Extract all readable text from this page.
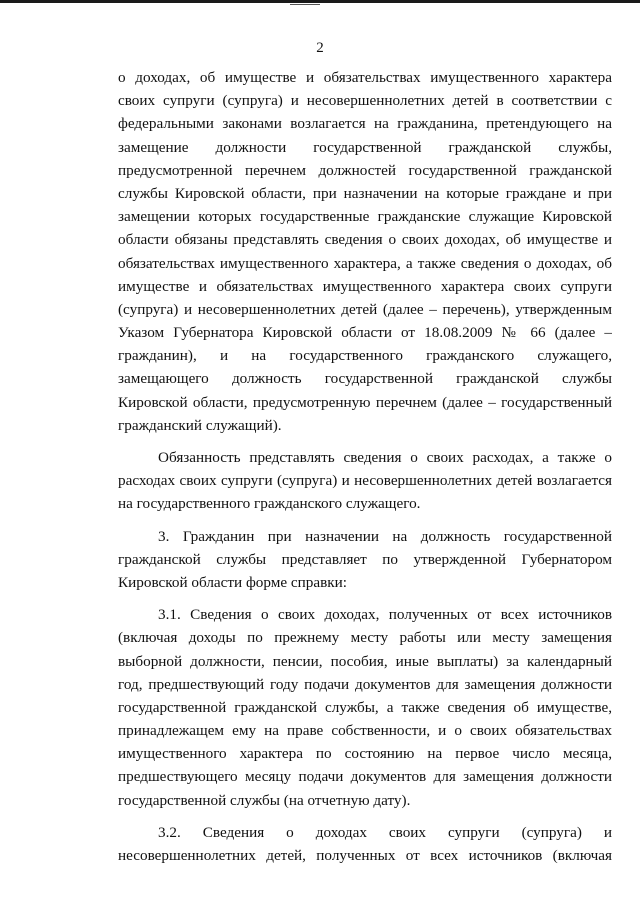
2
о доходах, об имуществе и обязательствах имущественного характера
своих супруги (супруга) и несовершеннолетних детей в соответствии с
федеральными законами возлагается на гражданина, претендующего на
замещение должности государственной гражданской службы,
предусмотренной перечнем должностей государственной гражданской
службы Кировской области, при назначении на которые граждане и при
замещении которых государственные гражданские служащие Кировской
области обязаны представлять сведения о своих доходах, об имуществе и
обязательствах имущественного характера, а также сведения о доходах, об
имуществе и обязательствах имущественного характера своих супруги
(супруга) и несовершеннолетних детей (далее – перечень), утвержденным
Указом Губернатора Кировской области от 18.08.2009 № 66 (далее –
гражданин), и на государственного гражданского служащего,
замещающего должность государственной гражданской службы
Кировской области, предусмотренную перечнем (далее – государственный
гражданский служащий).
Обязанность представлять сведения о своих расходах, а также о
расходах своих супруги (супруга) и несовершеннолетних детей возлагается
на государственного гражданского служащего.
3. Гражданин при назначении на должность государственной
гражданской службы представляет по утвержденной Губернатором
Кировской области форме справки:
3.1. Сведения о своих доходах, полученных от всех источников
(включая доходы по прежнему месту работы или месту замещения
выборной должности, пенсии, пособия, иные выплаты) за календарный
год, предшествующий году подачи документов для замещения должности
государственной гражданской службы, а также сведения об имуществе,
принадлежащем ему на праве собственности, и о своих обязательствах
имущественного характера по состоянию на первое число месяца,
предшествующего месяцу подачи документов для замещения должности
государственной службы (на отчетную дату).
3.2. Сведения о доходах своих супруги (супруга) и
несовершеннолетних детей, полученных от всех источников (включая
